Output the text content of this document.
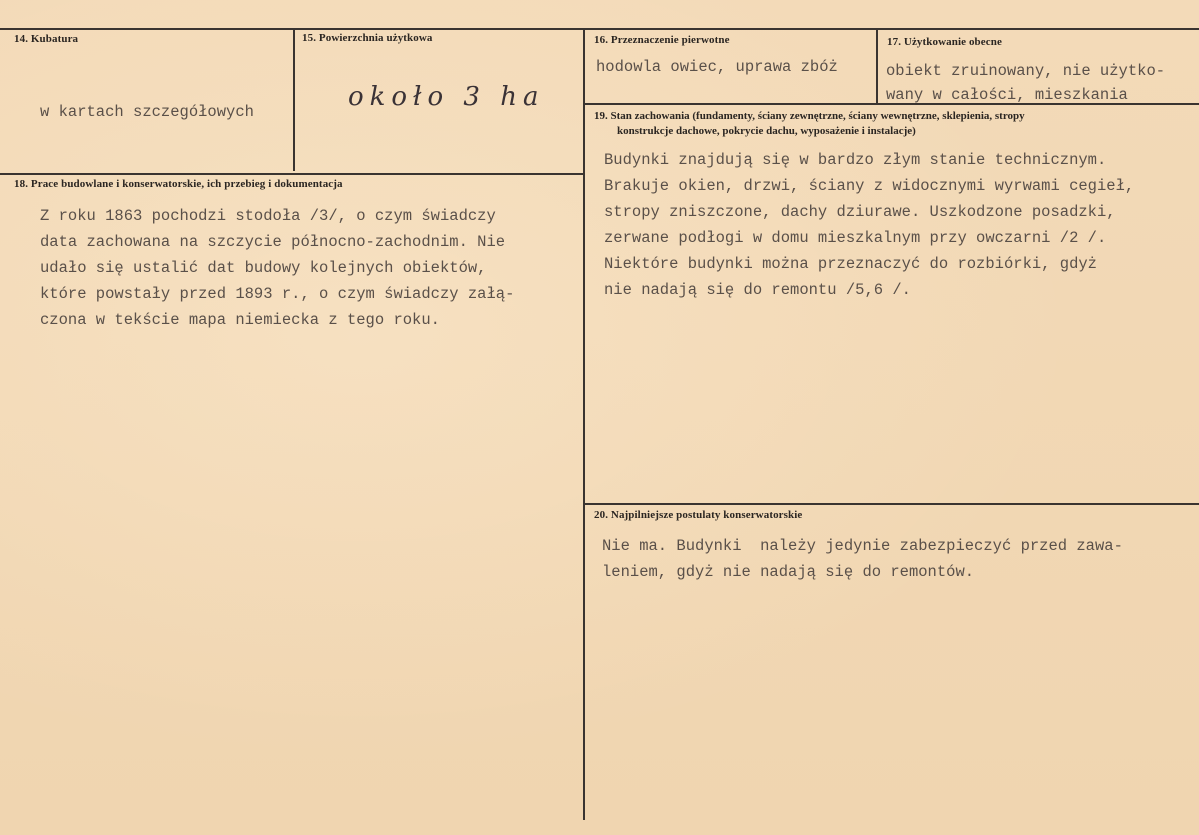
14. Kubatura
w kartach szczegółowych
15. Powierzchnia użytkowa
około 3 ha
16. Przeznaczenie pierwotne
hodowla owiec, uprawa zbóż
17. Użytkowanie obecne
obiekt zruinowany, nie użytko-
wany w całości, mieszkania
18. Prace budowlane i konserwatorskie, ich przebieg i dokumentacja
Z roku 1863 pochodzi stodoła /3/, o czym świadczy
data zachowana na szczycie północno-zachodnim. Nie
udało się ustalić dat budowy kolejnych obiektów,
które powstały przed 1893 r., o czym świadczy załą-
czona w tekście mapa niemiecka z tego roku.
19. Stan zachowania (fundamenty, ściany zewnętrzne, ściany wewnętrzne, sklepienia, stropy
konstrukcje dachowe, pokrycie dachu, wyposażenie i instalacje)
Budynki znajdują się w bardzo złym stanie technicznym.
Brakuje okien, drzwi, ściany z widocznymi wyrwami cegieł,
stropy zniszczone, dachy dziurawe. Uszkodzone posadzki,
zerwane podłogi w domu mieszkalnym przy owczarni /2 /.
Niektóre budynki można przeznaczyć do rozbiórki, gdyż
nie nadają się do remontu /5,6 /.
20. Najpilniejsze postulaty konserwatorskie
Nie ma. Budynki  należy jedynie zabezpieczyć przed zawa-
leniem, gdyż nie nadają się do remontów.
